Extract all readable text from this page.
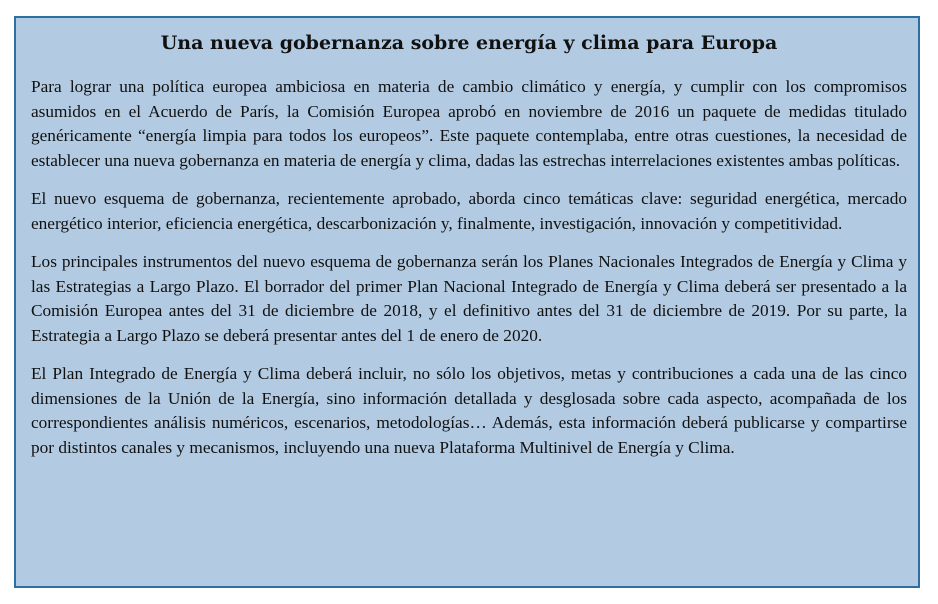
Una nueva gobernanza sobre energía y clima para Europa

Para lograr una política europea ambiciosa en materia de cambio climático y energía, y cumplir con los compromisos asumidos en el Acuerdo de París, la Comisión Europea aprobó en noviembre de 2016 un paquete de medidas titulado genéricamente “energía limpia para todos los europeos”. Este paquete contemplaba, entre otras cuestiones, la necesidad de establecer una nueva gobernanza en materia de energía y clima, dadas las estrechas interrelaciones existentes ambas políticas.

El nuevo esquema de gobernanza, recientemente aprobado, aborda cinco temáticas clave: seguridad energética, mercado energético interior, eficiencia energética, descarbonización y, finalmente, investigación, innovación y competitividad.

Los principales instrumentos del nuevo esquema de gobernanza serán los Planes Nacionales Integrados de Energía y Clima y las Estrategias a Largo Plazo. El borrador del primer Plan Nacional Integrado de Energía y Clima deberá ser presentado a la Comisión Europea antes del 31 de diciembre de 2018, y el definitivo antes del 31 de diciembre de 2019. Por su parte, la Estrategia a Largo Plazo se deberá presentar antes del 1 de enero de 2020.

El Plan Integrado de Energía y Clima deberá incluir, no sólo los objetivos, metas y contribuciones a cada una de las cinco dimensiones de la Unión de la Energía, sino información detallada y desglosada sobre cada aspecto, acompañada de los correspondientes análisis numéricos, escenarios, metodologías… Además, esta información deberá publicarse y compartirse por distintos canales y mecanismos, incluyendo una nueva Plataforma Multinivel de Energía y Clima.
